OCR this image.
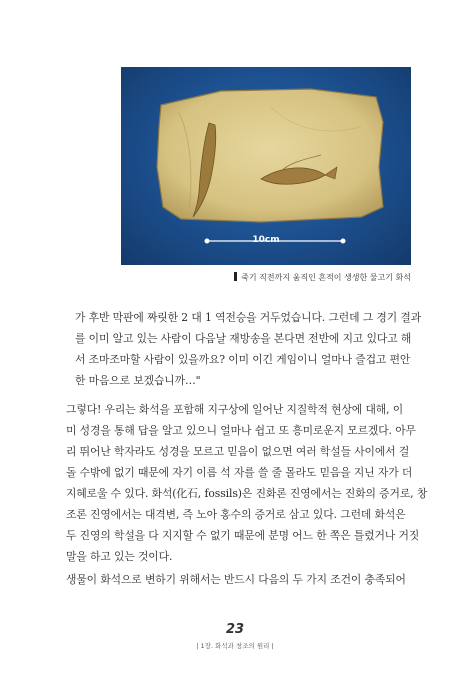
10cm
죽기 직전까지 움직인 흔적이 생생한 물고기 화석
가 후반 막판에 짜릿한 2 대 1 역전승을 거두었습니다. 그런데 그 경기 결과
를 이미 알고 있는 사람이 다음날 재방송을 본다면 전반에 지고 있다고 해
서 조마조마할 사람이 있을까요? 이미 이긴 게임이니 얼마나 즐겁고 편안
한 마음으로 보겠습니까…"
그렇다! 우리는 화석을 포함해 지구상에 일어난 지질학적 현상에 대해, 이
미 성경을 통해 답을 알고 있으니 얼마나 쉽고 또 흥미로운지 모르겠다. 아무
리 뛰어난 학자라도 성경을 모르고 믿음이 없으면 여러 학설들 사이에서 걸
돌 수밖에 없기 때문에 자기 이름 석 자를 쓸 줄 몰라도 믿음을 지닌 자가 더
지혜로울 수 있다. 화석(化石, fossils)은 진화론 진영에서는 진화의 증거로, 창
조론 진영에서는 대격변, 즉 노아 홍수의 증거로 삼고 있다. 그런데 화석은
두 진영의 학설을 다 지지할 수 없기 때문에 분명 어느 한 쪽은 틀렸거나 거짓
말을 하고 있는 것이다.
생물이 화석으로 변하기 위해서는 반드시 다음의 두 가지 조건이 충족되어
23
| 1장. 화석과 창조의 원리 |
